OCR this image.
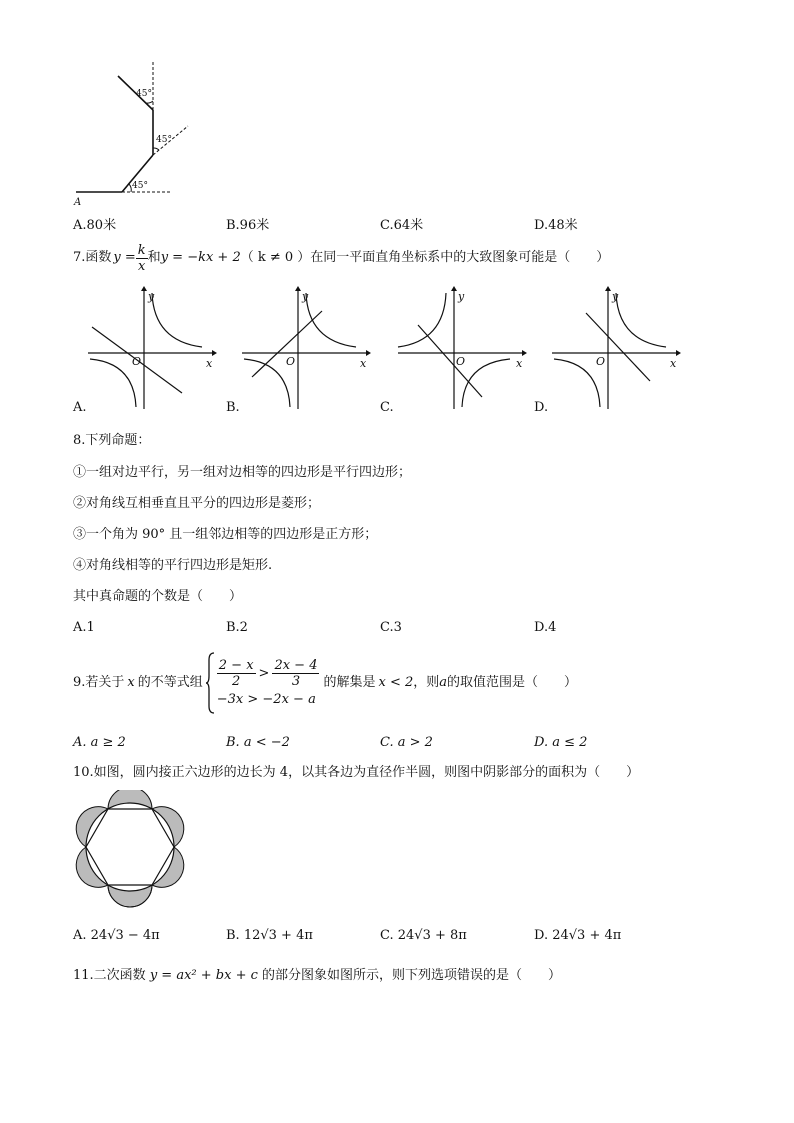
45°
45°
45°
A
A.80米	B.96米	C.64米	D.48米
7.函数 $y = \frac{k}{x}$ 和 y = −kx + 2 （ k ≠ 0 ） 在同一平面直角坐标系中的大致图象可能是（　　）
y
x
O
y
x
O
y
x
O
y
x
O
A.	B.	C.	D.
8.下列命题：
①一组对边平行，另一组对边相等的四边形是平行四边形；
②对角线互相垂直且平分的四边形是菱形；
③一个角为 90° 且一组邻边相等的四边形是正方形；
④对角线相等的平行四边形是矩形.
其中真命题的个数是（　　）
A.1	B.2	C.3	D.4
9.若关于 x 的不等式组 $\frac{2 - x}{2} > \frac{2x - 4}{3}$
−3x > −2x − a
的解集是 x < 2 ，则 a 的取值范围是（　　）
A. a ≥ 2	B. a < −2	C. a > 2	D. a ≤ 2
10.如图，圆内接正六边形的边长为 4，以其各边为直径作半圆，则图中阴影部分的面积为（　　）
A. 24√3 − 4π	B. 12√3 + 4π	C. 24√3 + 8π	D. 24√3 + 4π
11.二次函数 y = ax² + bx + c 的部分图象如图所示，则下列选项错误的是（　　）
